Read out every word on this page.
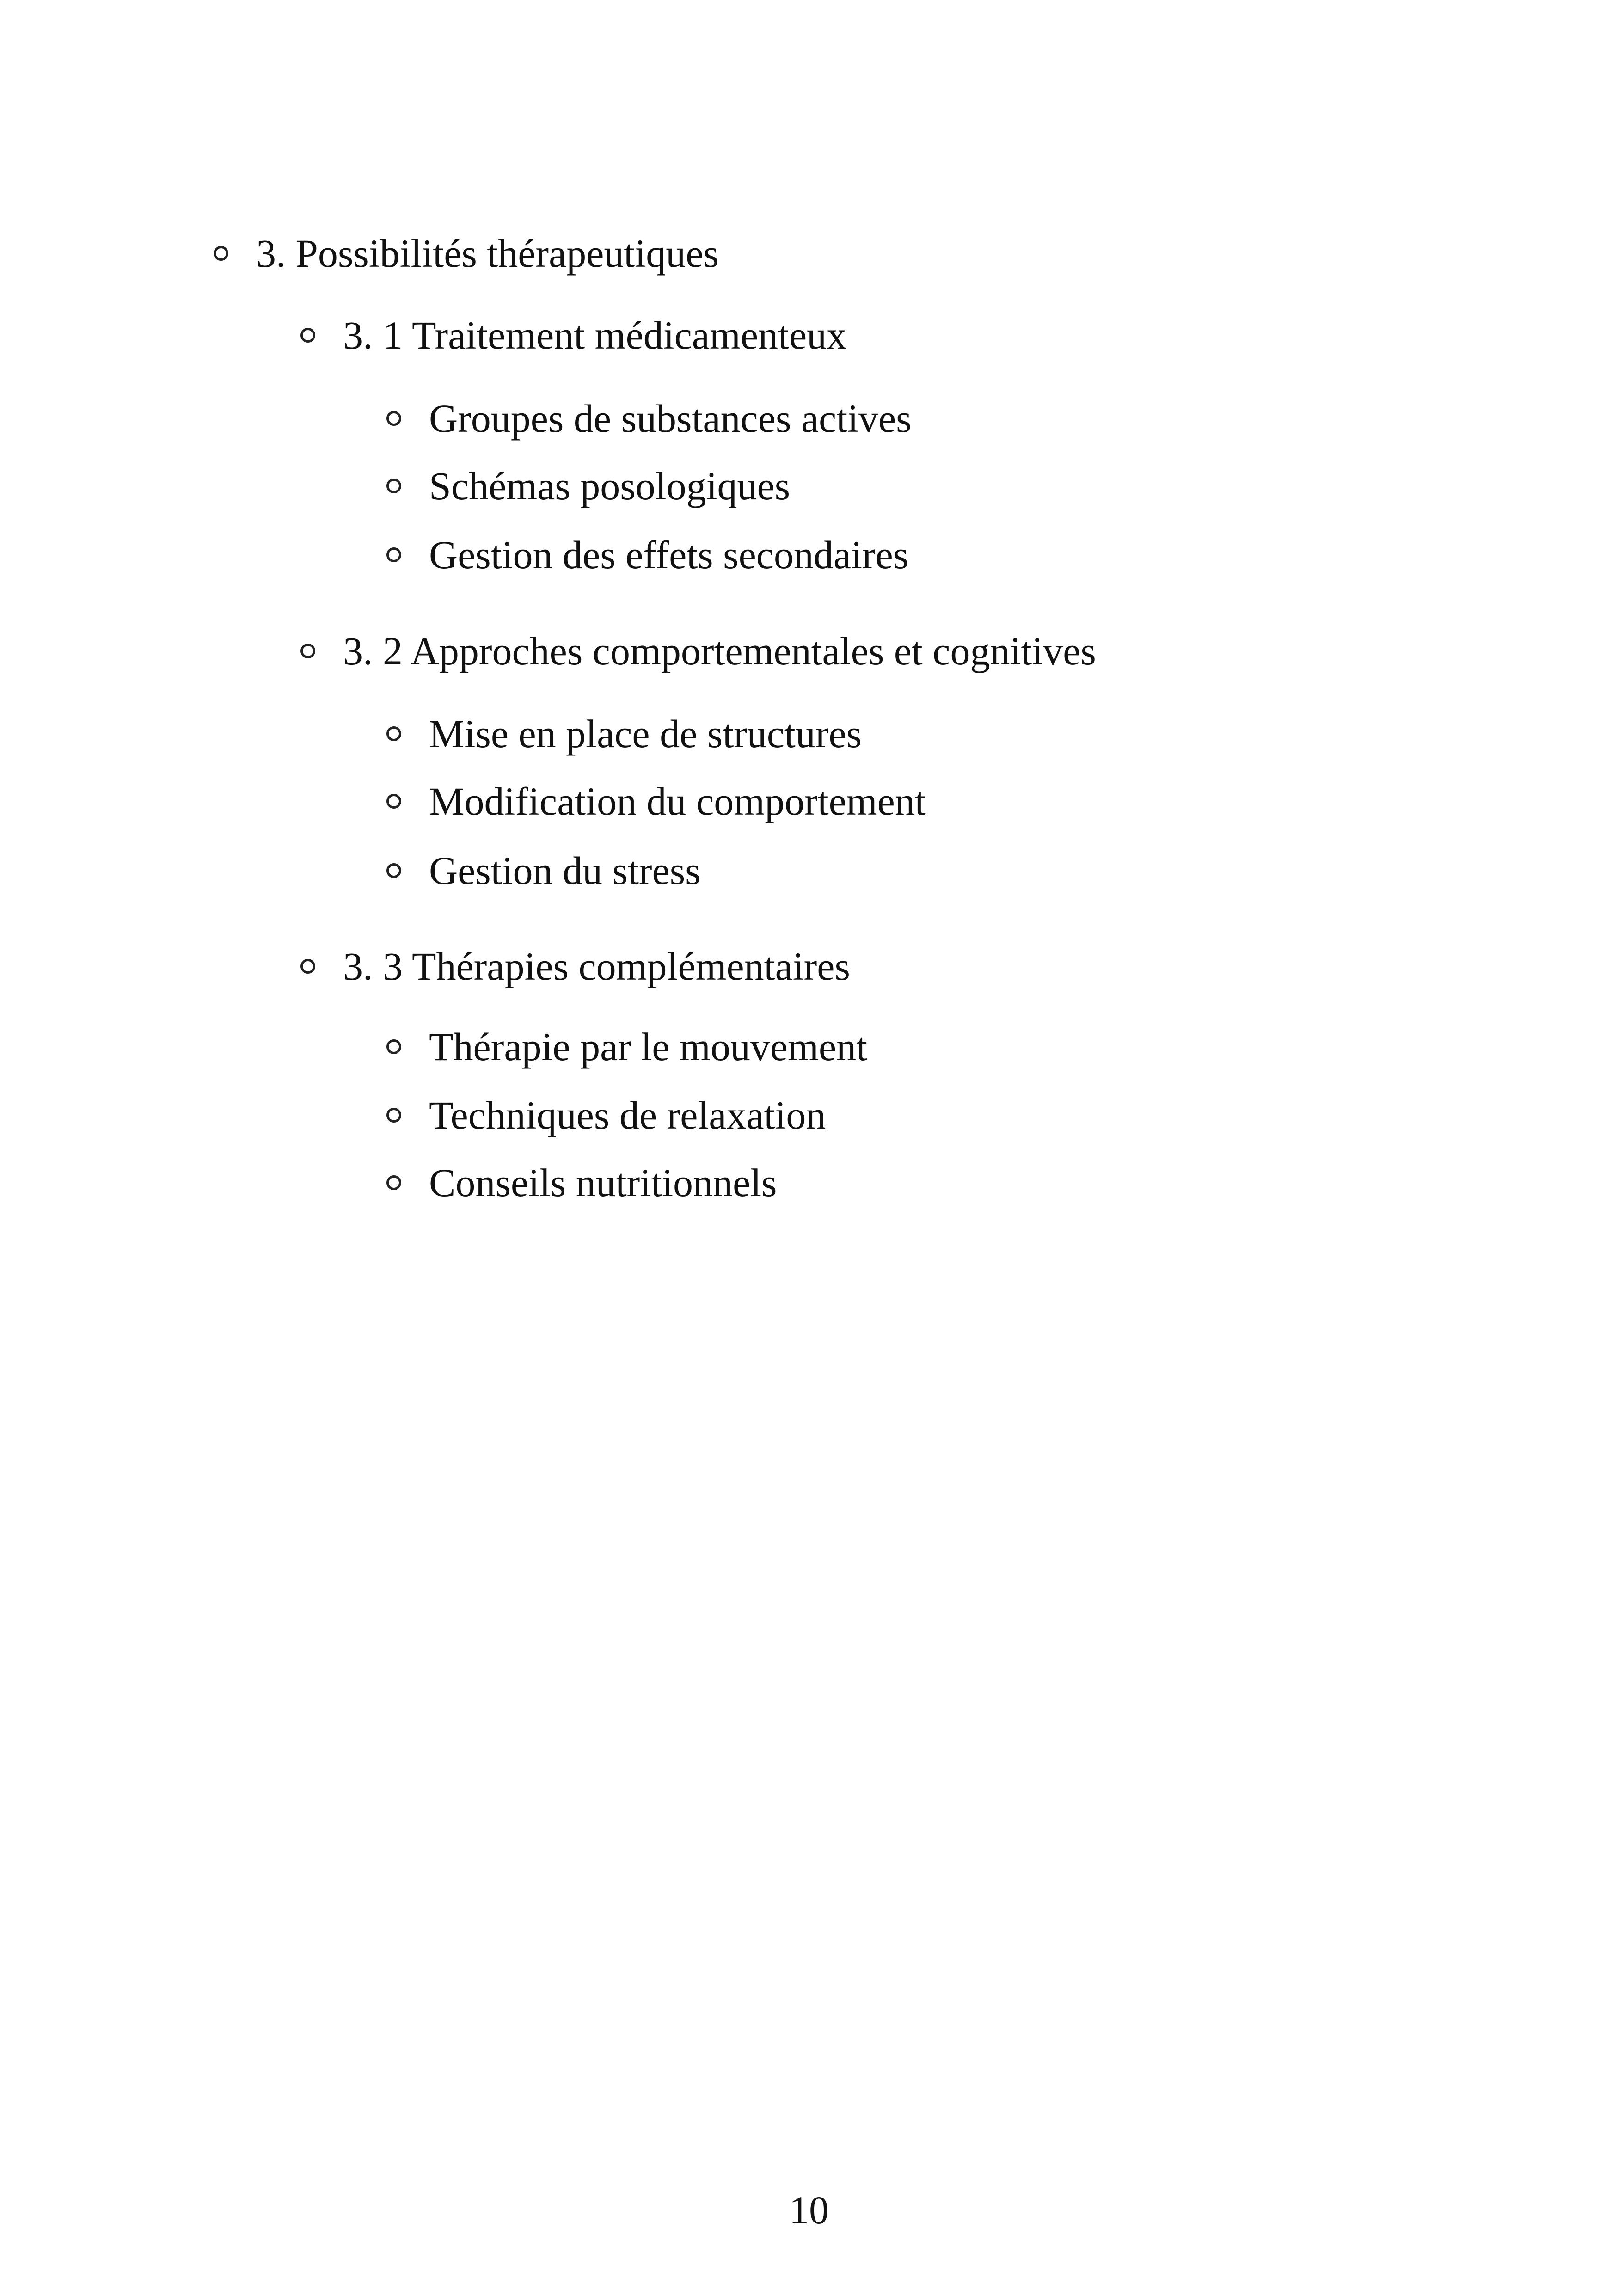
3. Possibilités thérapeutiques
3. 1 Traitement médicamenteux
Groupes de substances actives
Schémas posologiques
Gestion des effets secondaires
3. 2 Approches comportementales et cognitives
Mise en place de structures
Modification du comportement
Gestion du stress
3. 3 Thérapies complémentaires
Thérapie par le mouvement
Techniques de relaxation
Conseils nutritionnels
10
